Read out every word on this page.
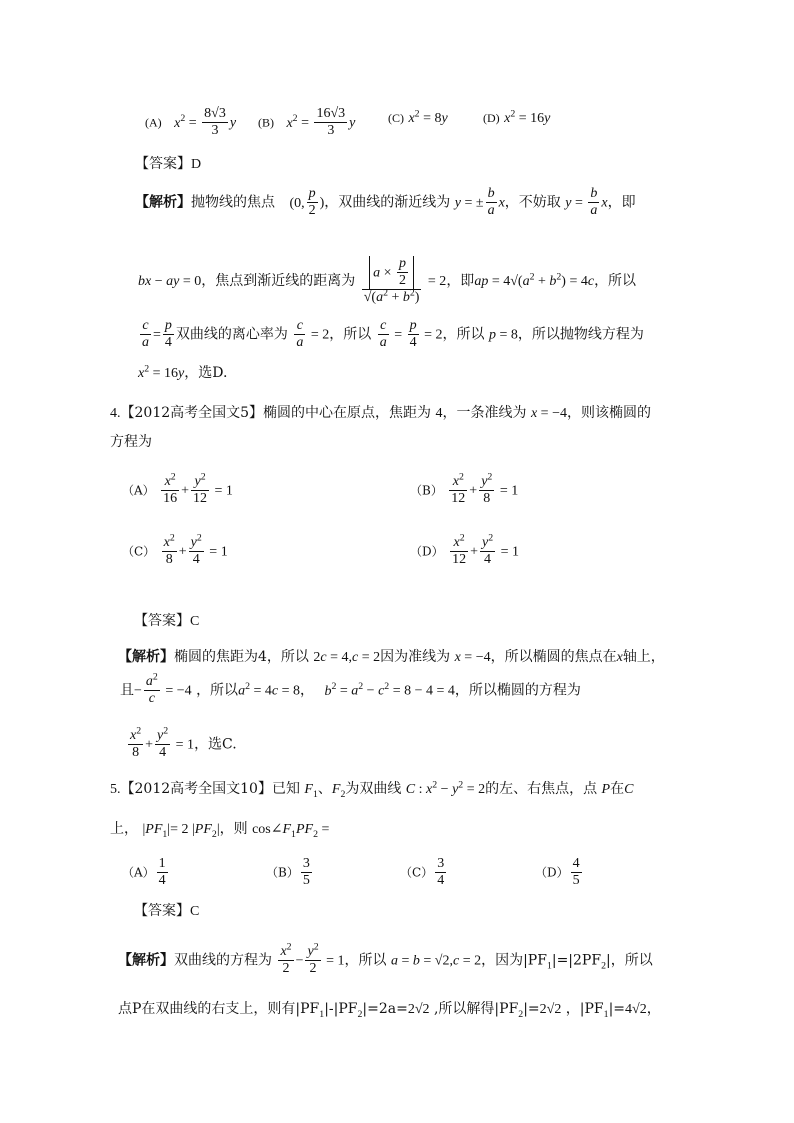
(A) $x^2 = \frac{8√3}{3}$ y (B) $x^2 = \frac{16√3}{3}$ y	(C) $x^2 = 8y$	(D) $x^2 = 16y$
【答案】D
【解析】抛物线的焦点 (0, $\frac{p}{2}$ )，双曲线的渐近线为 y = ± $\frac{b}{a}$ x，不妨取 $y = \frac{b}{a}$ x，即
bx − ay = 0，焦点到渐近线的距离为 $\frac{a \times \frac{p}{2}}{√(a^2 + b^2)} = 2$，即ap = $4√(a^2 + b^2) = 4c$，所以
$\frac{c}{a} = \frac{p}{4}$ 双曲线的离心率为 $\frac{c}{a} = 2$，所以 $\frac{c}{a} = \frac{p}{4} = 2$，所以 p = 8，所以抛物线方程为
$x^2 = 16y$，选D.
4.【2012高考全国文5】椭圆的中心在原点，焦距为 4，一条准线为 x = −4，则该椭圆的
方程为
$(A) \frac{x^2}{16} + \frac{y^2}{12} = 1$	$(B) \frac{x^2}{12} + \frac{y^2}{8} = 1$
$(C) \frac{x^2}{8} + \frac{y^2}{4} = 1$	$(D) \frac{x^2}{12} + \frac{y^2}{4} = 1$
【答案】C
【解析】椭圆的焦距为4，所以 2c = 4,c = 2因为准线为 x = −4，所以椭圆的焦点在x轴上，
且− $\frac{a^2}{c} = -4$ ，所以$a^2 = 4c = 8$， $b^2 = a^2 - c^2 = 8 - 4 = 4$，所以椭圆的方程为
$\frac{x^2}{8} + \frac{y^2}{4} = 1$，选C.
5.【2012高考全国文10】已知 $F_1$、$F_2$为双曲线 C : $x^2 - y^2 = 2$的左、右焦点，点 P在C
上， $|PF_1|= 2$ $|PF_2|$，则 $\cos\angle F_1PF_2$ =
$(A) \frac{1}{4}$	$(B) \frac{3}{5}$	$(C) \frac{3}{4}$	$(D) \frac{4}{5}$
【答案】C
【解析】双曲线的方程为 $\frac{x^2}{2} - \frac{y^2}{2} = 1$，所以 a = b = √2,c = 2，因为$|PF_1|=|2PF_2|$，所以
点P在双曲线的右支上，则有$|PF_1|-|PF_2|=2a=2√2$ ,所以解得$|PF_2|=2√2$ ，$|PF_1|=4√2$，
